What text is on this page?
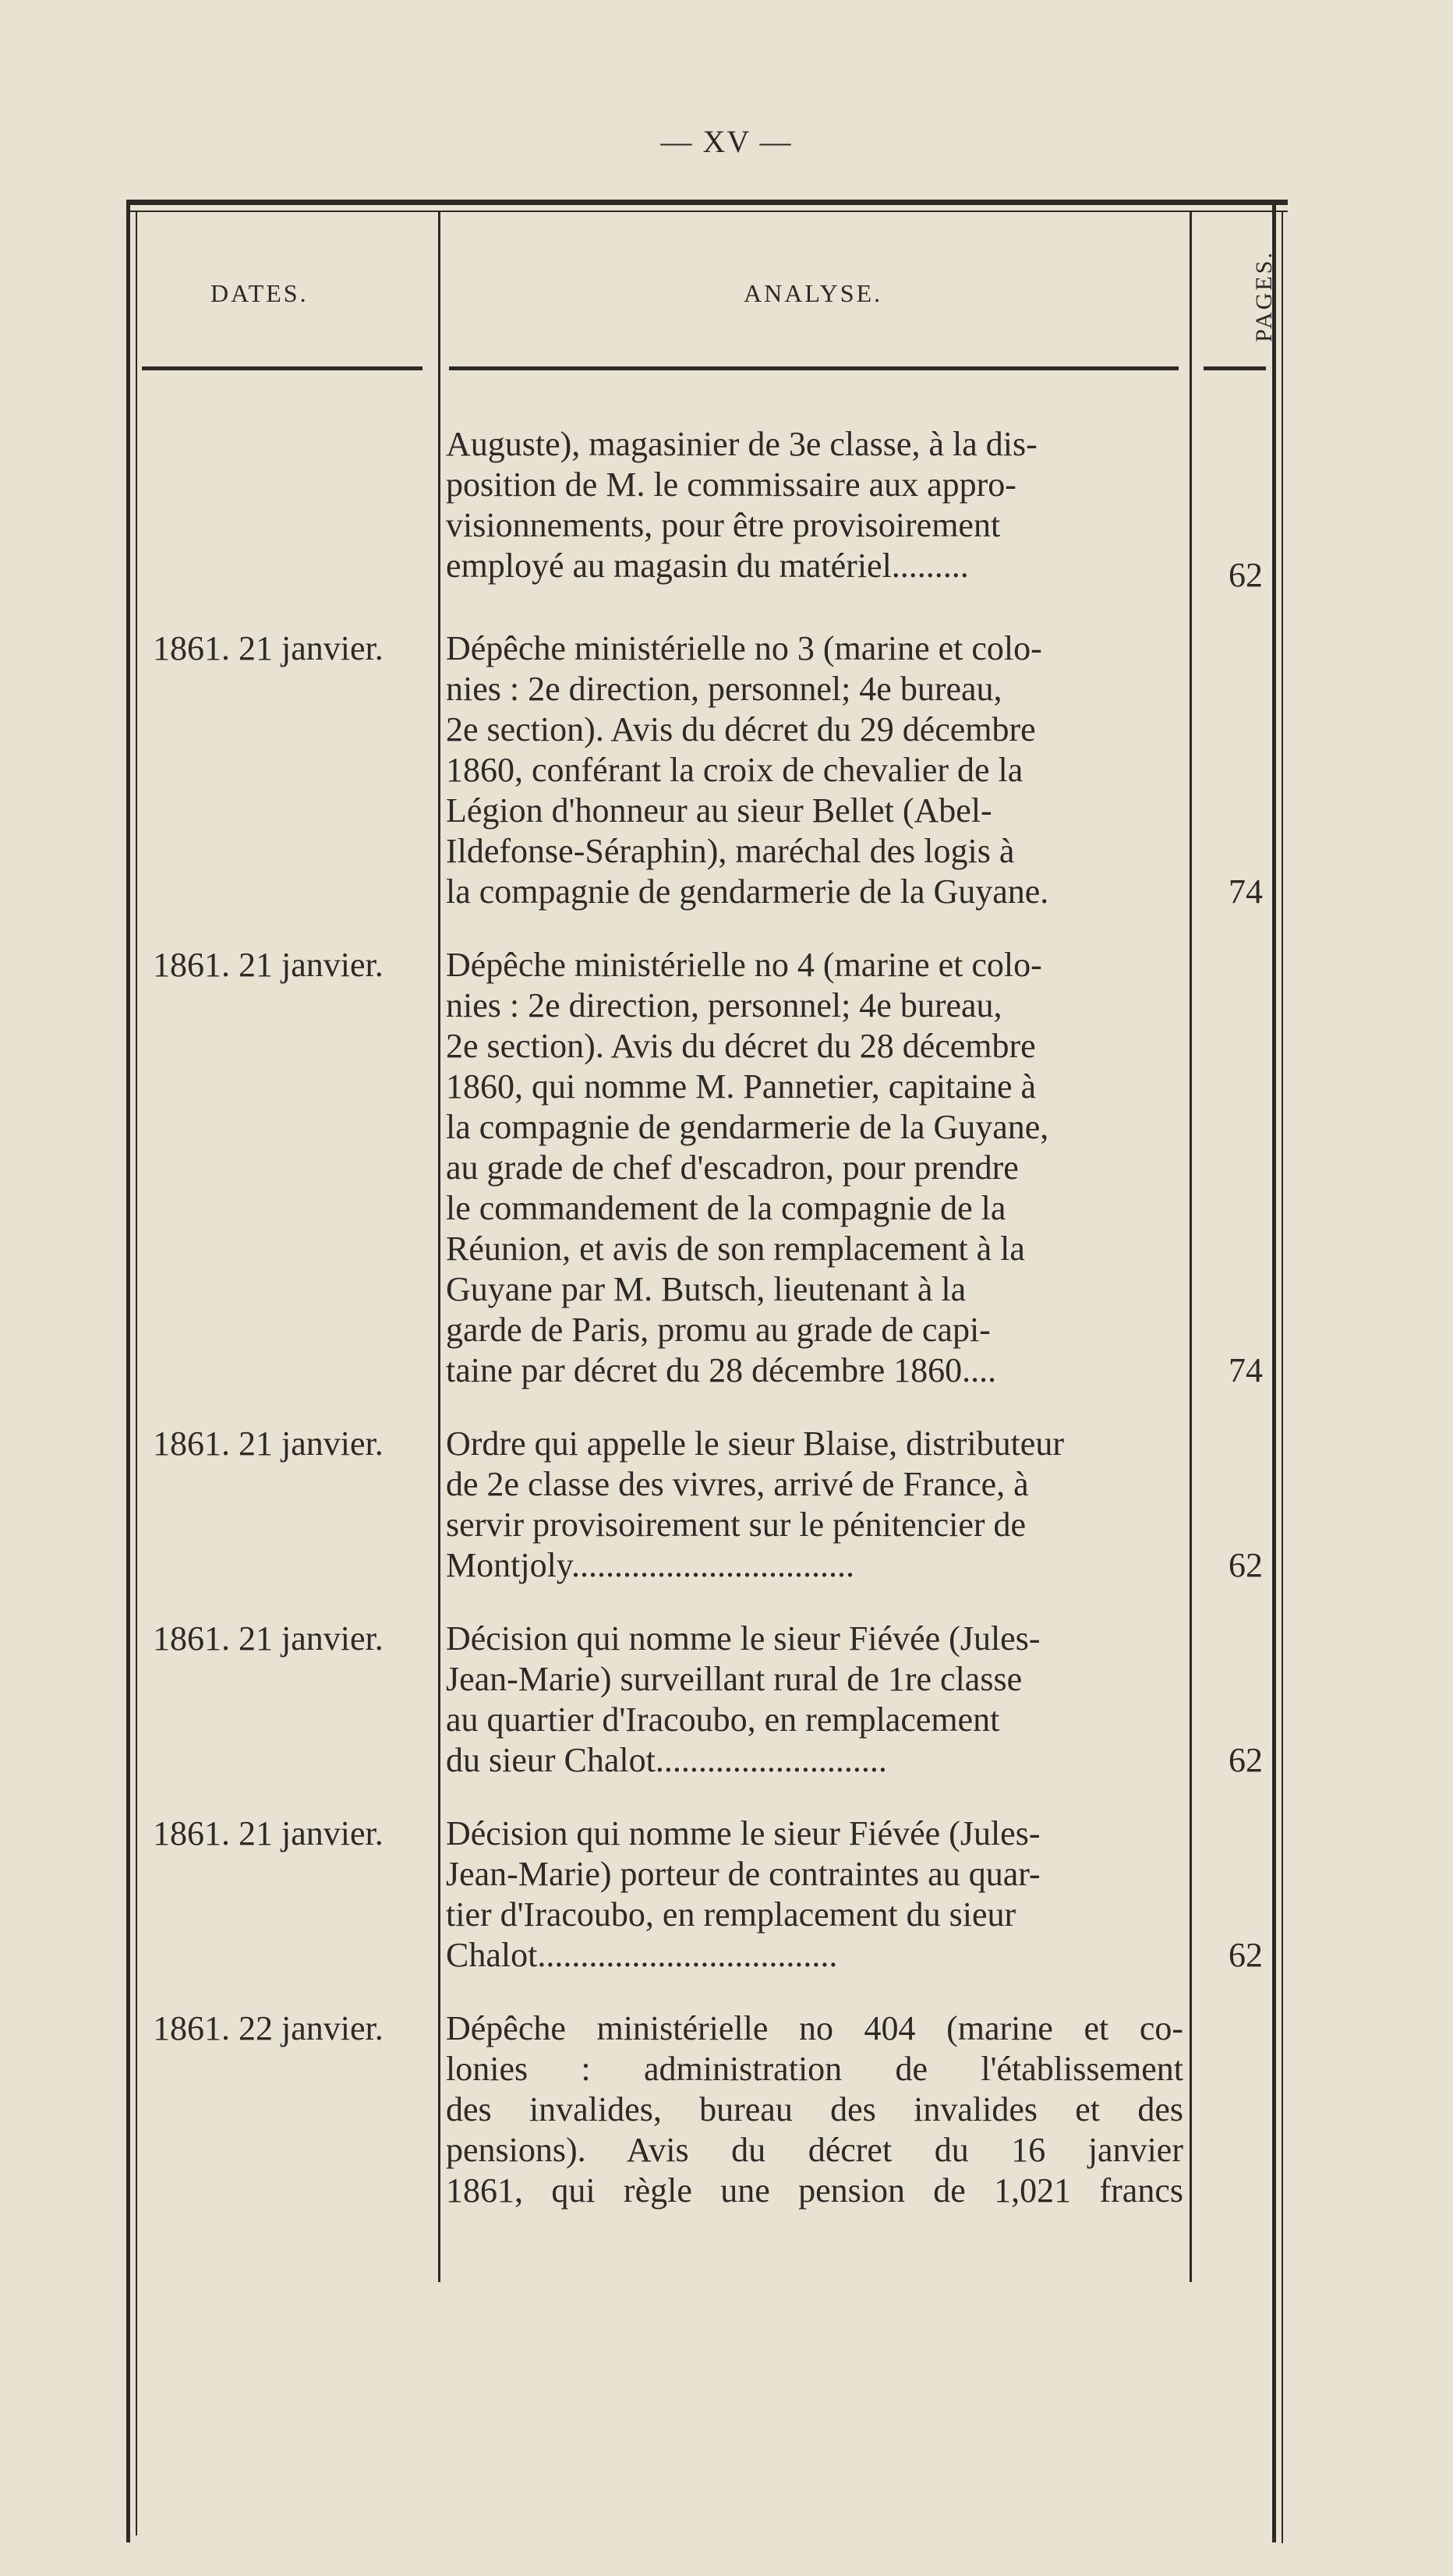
— XV —
DATES.	ANALYSE.	PAGES.
Auguste), magasinier de 3e classe, à la dis-
position de M. le commissaire aux appro-
visionnements, pour être provisoirement
employé au magasin du matériel.........	62
1861. 21 janvier.	Dépêche ministérielle no 3 (marine et colo-
nies : 2e direction, personnel; 4e bureau,
2e section). Avis du décret du 29 décembre
1860, conférant la croix de chevalier de la
Légion d'honneur au sieur Bellet (Abel-
Ildefonse-Séraphin), maréchal des logis à
la compagnie de gendarmerie de la Guyane.	74
1861. 21 janvier.	Dépêche ministérielle no 4 (marine et colo-
nies : 2e direction, personnel; 4e bureau,
2e section). Avis du décret du 28 décembre
1860, qui nomme M. Pannetier, capitaine à
la compagnie de gendarmerie de la Guyane,
au grade de chef d'escadron, pour prendre
le commandement de la compagnie de la
Réunion, et avis de son remplacement à la
Guyane par M. Butsch, lieutenant à la
garde de Paris, promu au grade de capi-
taine par décret du 28 décembre 1860....	74
1861. 21 janvier.	Ordre qui appelle le sieur Blaise, distributeur
de 2e classe des vivres, arrivé de France, à
servir provisoirement sur le pénitencier de
Montjoly.................................	62
1861. 21 janvier.	Décision qui nomme le sieur Fiévée (Jules-
Jean-Marie) surveillant rural de 1re classe
au quartier d'Iracoubo, en remplacement
du sieur Chalot...........................	62
1861. 21 janvier.	Décision qui nomme le sieur Fiévée (Jules-
Jean-Marie) porteur de contraintes au quar-
tier d'Iracoubo, en remplacement du sieur
Chalot...................................	62
1861. 22 janvier.	Dépêche ministérielle no 404 (marine et co-
lonies : administration de l'établissement
des invalides, bureau des invalides et des
pensions). Avis du décret du 16 janvier
1861, qui règle une pension de 1,021 francs
